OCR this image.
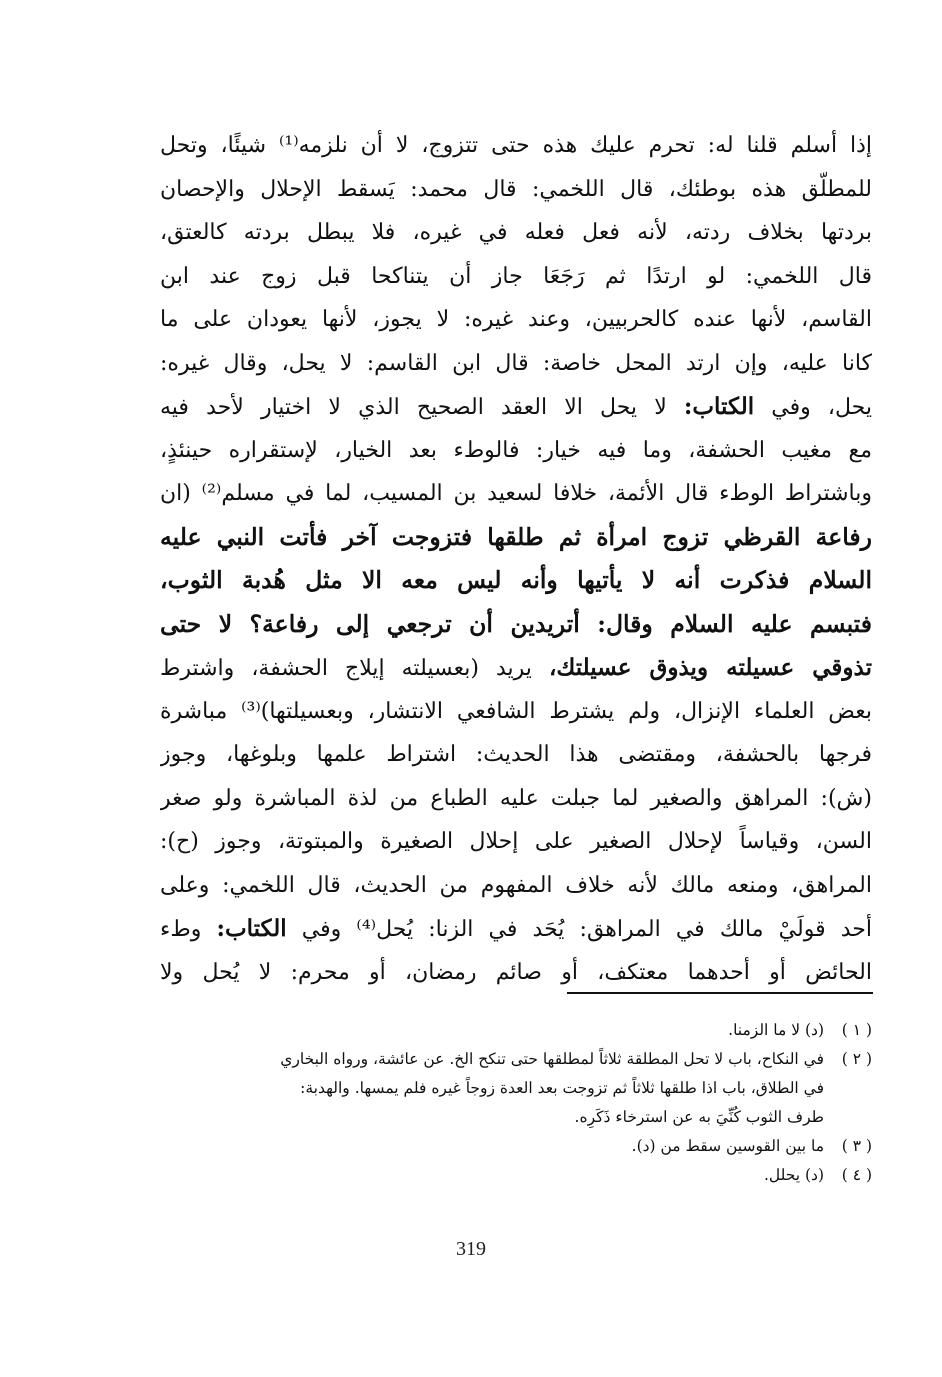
إذا أسلم قلنا له: تحرم عليك هذه حتى تتزوج، لا أن نلزمه⁽¹⁾ شيئًا، وتحل
للمطلّق هذه بوطئك، قال اللخمي: قال محمد: يَسقط الإحلال والإحصان
بردتها بخلاف ردته، لأنه فعل فعله في غيره، فلا يبطل بردته كالعتق،
قال اللخمي: لو ارتدًا ثم رَجَعَا جاز أن يتناكحا قبل زوج عند ابن
القاسم، لأنها عنده كالحربيين، وعند غيره: لا يجوز، لأنها يعودان على ما
كانا عليه، وإن ارتد المحل خاصة: قال ابن القاسم: لا يحل، وقال غيره:
يحل، وفي الكتاب: لا يحل الا العقد الصحيح الذي لا اختيار لأحد فيه
مع مغيب الحشفة، وما فيه خيار: فالوطء بعد الخيار، لإستقراره حينئذٍ،
وباشتراط الوطء قال الأئمة، خلافا لسعيد بن المسيب، لما في مسلم⁽²⁾ (ان
رفاعة القرظي تزوج امرأة ثم طلقها فتزوجت آخر فأتت النبي عليه
السلام فذكرت أنه لا يأتيها وأنه ليس معه الا مثل هُدبة الثوب،
فتبسم عليه السلام وقال: أتريدين أن ترجعي إلى رفاعة؟ لا حتى
تذوقي عسيلته ويذوق عسيلتك، يريد (بعسيلته إيلاج الحشفة، واشترط
بعض العلماء الإنزال، ولم يشترط الشافعي الانتشار، وبعسيلتها)⁽³⁾ مباشرة
فرجها بالحشفة، ومقتضى هذا الحديث: اشتراط علمها وبلوغها، وجوز
(ش): المراهق والصغير لما جبلت عليه الطباع من لذة المباشرة ولو صغر
السن، وقياساً لإحلال الصغير على إحلال الصغيرة والمبتوتة، وجوز (ح):
المراهق، ومنعه مالك لأنه خلاف المفهوم من الحديث، قال اللخمي: وعلى
أحد قولَيْ مالك في المراهق: يُحَد في الزنا: يُحل⁽⁴⁾ وفي الكتاب: وطء
الحائض أو أحدهما معتكف، أو صائم رمضان، أو محرم: لا يُحل ولا
( ١ )
(د) لا ما الزمنا.
( ٢ )
في النكاح، باب لا تحل المطلقة ثلاثاً لمطلقها حتى تنكح الخ. عن عائشة، ورواه البخاري
في الطلاق، باب اذا طلقها ثلاثاً ثم تزوجت بعد العدة زوجاً غيره فلم يمسها. والهدبة:
طرف الثوب كُنِّيَ به عن استرخاء ذَكَرِه.
( ٣ )
ما بين القوسين سقط من (د).
( ٤ )
(د) يحلل.
319
